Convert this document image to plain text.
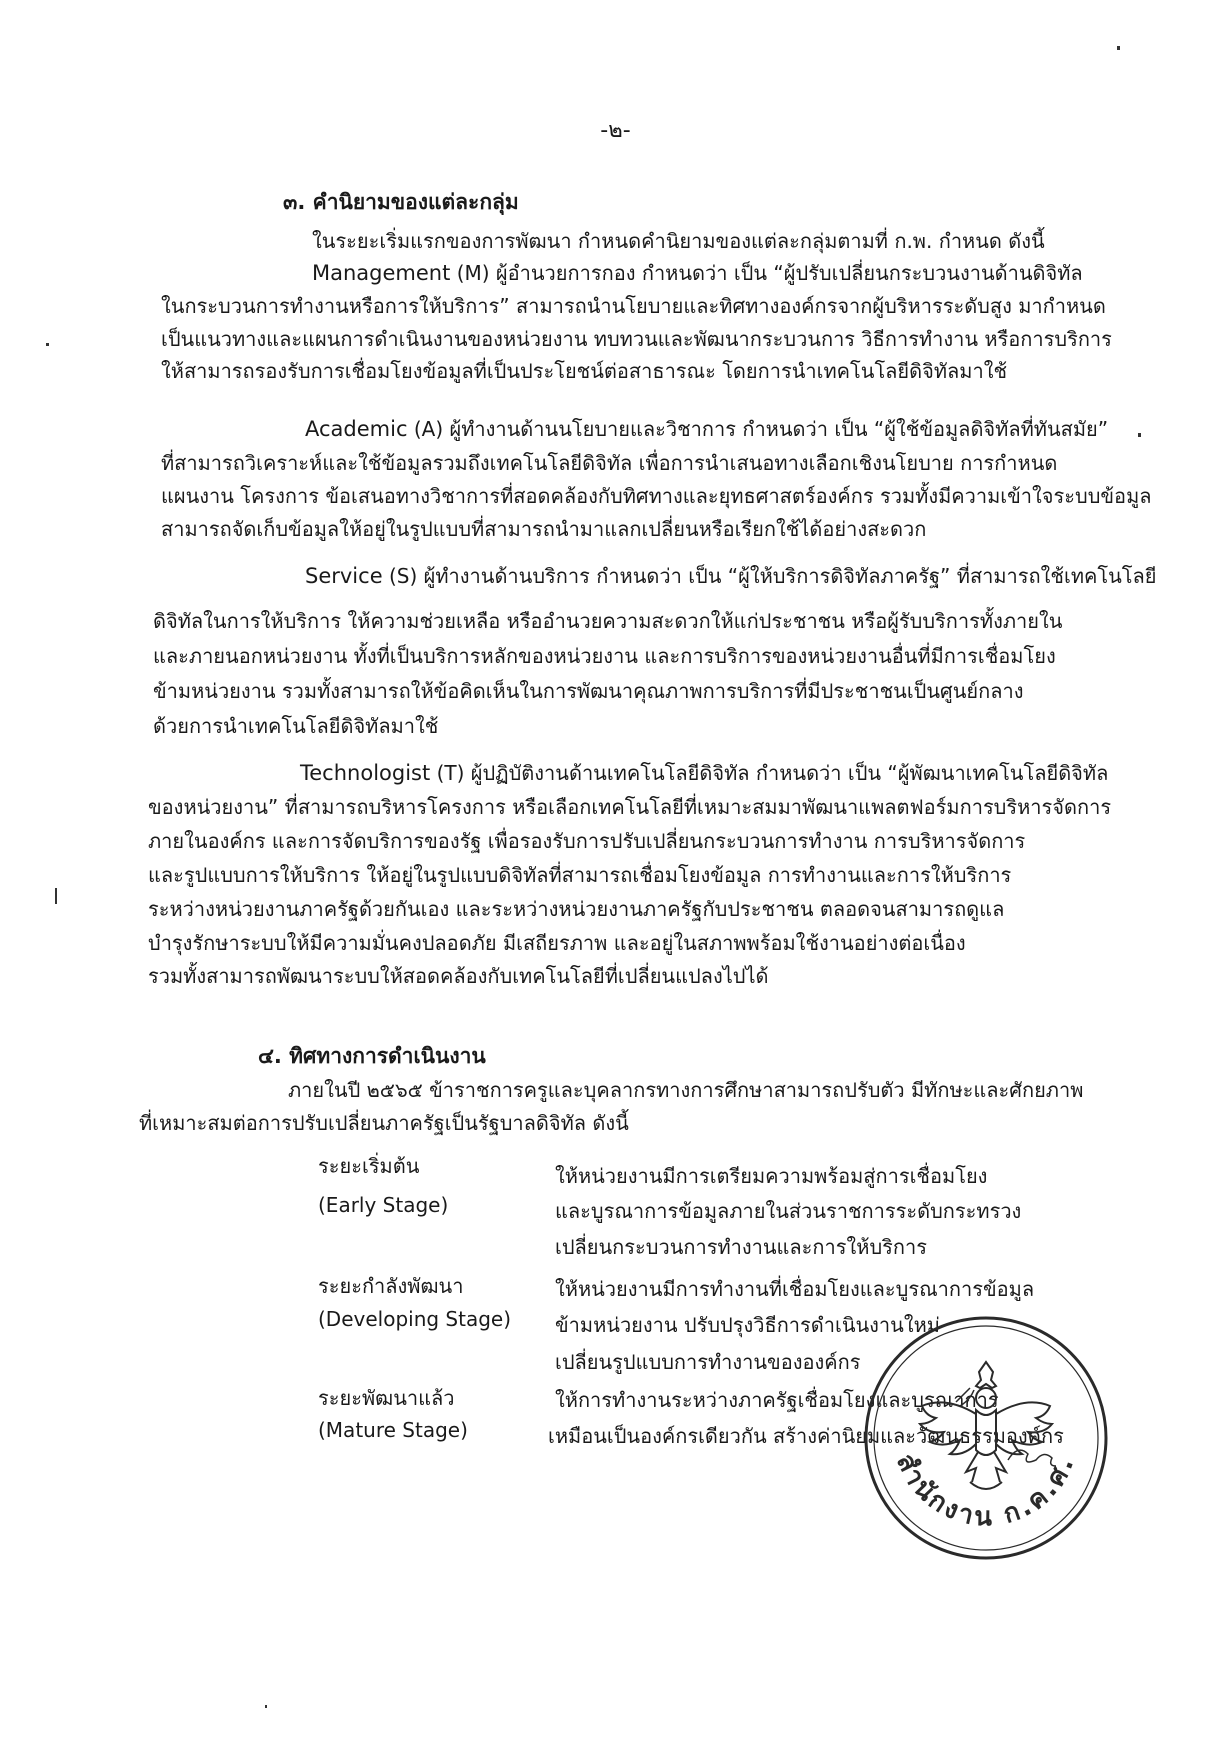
-๒-
๓. คำนิยามของแต่ละกลุ่ม
ในระยะเริ่มแรกของการพัฒนา กำหนดคำนิยามของแต่ละกลุ่มตามที่ ก.พ. กำหนด ดังนี้
Management (M) ผู้อำนวยการกอง กำหนดว่า เป็น “ผู้ปรับเปลี่ยนกระบวนงานด้านดิจิทัล
ในกระบวนการทำงานหรือการให้บริการ” สามารถนำนโยบายและทิศทางองค์กรจากผู้บริหารระดับสูง มากำหนด
เป็นแนวทางและแผนการดำเนินงานของหน่วยงาน ทบทวนและพัฒนากระบวนการ วิธีการทำงาน หรือการบริการ
ให้สามารถรองรับการเชื่อมโยงข้อมูลที่เป็นประโยชน์ต่อสาธารณะ โดยการนำเทคโนโลยีดิจิทัลมาใช้
Academic (A) ผู้ทำงานด้านนโยบายและวิชาการ กำหนดว่า เป็น “ผู้ใช้ข้อมูลดิจิทัลที่ทันสมัย”
ที่สามารถวิเคราะห์และใช้ข้อมูลรวมถึงเทคโนโลยีดิจิทัล เพื่อการนำเสนอทางเลือกเชิงนโยบาย การกำหนด
แผนงาน โครงการ ข้อเสนอทางวิชาการที่สอดคล้องกับทิศทางและยุทธศาสตร์องค์กร รวมทั้งมีความเข้าใจระบบข้อมูล
สามารถจัดเก็บข้อมูลให้อยู่ในรูปแบบที่สามารถนำมาแลกเปลี่ยนหรือเรียกใช้ได้อย่างสะดวก
Service (S) ผู้ทำงานด้านบริการ กำหนดว่า เป็น “ผู้ให้บริการดิจิทัลภาครัฐ” ที่สามารถใช้เทคโนโลยี
ดิจิทัลในการให้บริการ ให้ความช่วยเหลือ หรืออำนวยความสะดวกให้แก่ประชาชน หรือผู้รับบริการทั้งภายใน
และภายนอกหน่วยงาน ทั้งที่เป็นบริการหลักของหน่วยงาน และการบริการของหน่วยงานอื่นที่มีการเชื่อมโยง
ข้ามหน่วยงาน รวมทั้งสามารถให้ข้อคิดเห็นในการพัฒนาคุณภาพการบริการที่มีประชาชนเป็นศูนย์กลาง
ด้วยการนำเทคโนโลยีดิจิทัลมาใช้
Technologist (T) ผู้ปฏิบัติงานด้านเทคโนโลยีดิจิทัล กำหนดว่า เป็น “ผู้พัฒนาเทคโนโลยีดิจิทัล
ของหน่วยงาน” ที่สามารถบริหารโครงการ หรือเลือกเทคโนโลยีที่เหมาะสมมาพัฒนาแพลตฟอร์มการบริหารจัดการ
ภายในองค์กร และการจัดบริการของรัฐ เพื่อรองรับการปรับเปลี่ยนกระบวนการทำงาน การบริหารจัดการ
และรูปแบบการให้บริการ ให้อยู่ในรูปแบบดิจิทัลที่สามารถเชื่อมโยงข้อมูล การทำงานและการให้บริการ
ระหว่างหน่วยงานภาครัฐด้วยกันเอง และระหว่างหน่วยงานภาครัฐกับประชาชน ตลอดจนสามารถดูแล
บำรุงรักษาระบบให้มีความมั่นคงปลอดภัย มีเสถียรภาพ และอยู่ในสภาพพร้อมใช้งานอย่างต่อเนื่อง
รวมทั้งสามารถพัฒนาระบบให้สอดคล้องกับเทคโนโลยีที่เปลี่ยนแปลงไปได้
๔. ทิศทางการดำเนินงาน
ภายในปี ๒๕๖๕ ข้าราชการครูและบุคลากรทางการศึกษาสามารถปรับตัว มีทักษะและศักยภาพ
ที่เหมาะสมต่อการปรับเปลี่ยนภาครัฐเป็นรัฐบาลดิจิทัล ดังนี้
ระยะเริ่มต้น
(Early Stage)
ให้หน่วยงานมีการเตรียมความพร้อมสู่การเชื่อมโยง
และบูรณาการข้อมูลภายในส่วนราชการระดับกระทรวง
เปลี่ยนกระบวนการทำงานและการให้บริการ
ระยะกำลังพัฒนา
(Developing Stage)
ให้หน่วยงานมีการทำงานที่เชื่อมโยงและบูรณาการข้อมูล
ข้ามหน่วยงาน ปรับปรุงวิธีการดำเนินงานใหม่
เปลี่ยนรูปแบบการทำงานขององค์กร
ระยะพัฒนาแล้ว
(Mature Stage)
ให้การทำงานระหว่างภาครัฐเชื่อมโยงและบูรณาการ
เหมือนเป็นองค์กรเดียวกัน สร้างค่านิยมและวัฒนธรรมองค์กร
สำนักงาน ก.ค.ศ.
